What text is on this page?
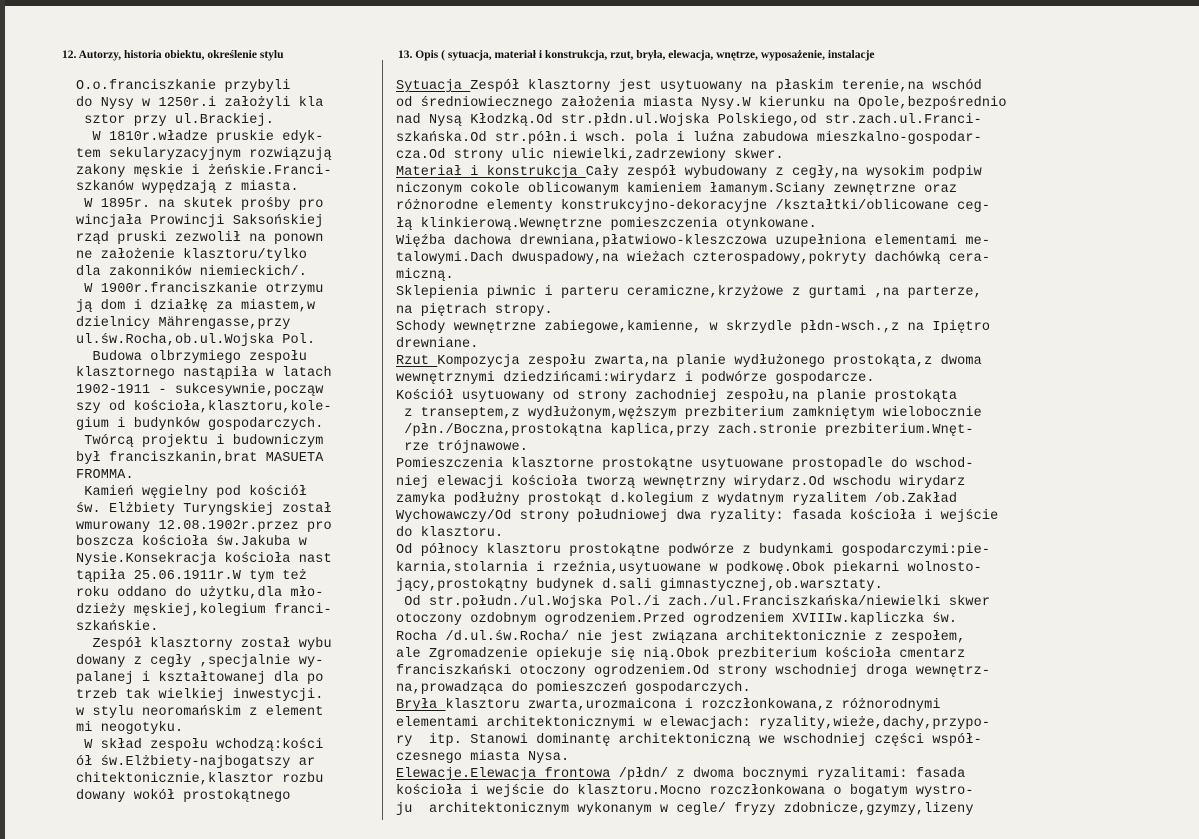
12. Autorzy, historia obiektu, określenie stylu	13. Opis ( sytuacja, materiał i konstrukcja, rzut, bryła, elewacja, wnętrze, wyposażenie, instalacje
O.o.franciszkanie przybyli
do Nysy w 1250r.i założyli kla
sztor przy ul.Brackiej.
W 1810r.władze pruskie edyk-
tem sekularyzacyjnym rozwiązują
zakony męskie i żeńskie.Franci-
szkanów wypędzają z miasta.
W 1895r. na skutek prośby pro
wincjała Prowincji Saksońskiej
rząd pruski zezwolił na ponown
ne założenie klasztoru/tylko
dla zakonników niemieckich/.
W 1900r.franciszkanie otrzymu
ją dom i działkę za miastem,w
dzielnicy Mährengasse,przy
ul.św.Rocha,ob.ul.Wojska Pol.
Budowa olbrzymiego zespołu
klasztornego nastąpiła w latach
1902-1911 - sukcesywnie,począw
szy od kościoła,klasztoru,kole-
gium i budynków gospodarczych.
Twórcą projektu i budowniczym
był franciszkanin,brat MASUETA
FROMMA.
Kamień węgielny pod kościół
św. Elżbiety Turyngskiej został
wmurowany 12.08.1902r.przez pro
boszcza kościoła św.Jakuba w
Nysie.Konsekracja kościoła nast
tąpiła 25.06.1911r.W tym też
roku oddano do użytku,dla mło-
dzieży męskiej,kolegium franci-
szkańskie.
Zespół klasztorny został wybu
dowany z cegły ,specjalnie wy-
palanej i kształtowanej dla po
trzeb tak wielkiej inwestycji.
w stylu neoromańskim z element
mi neogotyku.
W skład zespołu wchodzą:kości
ół św.Elżbiety-najbogatszy ar
chitektonicznie,klasztor rozbu
dowany wokół prostokątnego
Sytuacja Zespół klasztorny jest usytuowany na płaskim terenie,na wschód
od średniowiecznego założenia miasta Nysy.W kierunku na Opole,bezpośrednio
nad Nysą Kłodzką.Od str.płdn.ul.Wojska Polskiego,od str.zach.ul.Franci-
szkańska.Od str.półn.i wsch. pola i luźna zabudowa mieszkalno-gospodar-
cza.Od strony ulic niewielki,zadrzewiony skwer.
Materiał i konstrukcja Cały zespół wybudowany z cegły,na wysokim podpiw
niczonym cokole oblicowanym kamieniem łamanym.Sciany zewnętrzne oraz
różnorodne elementy konstrukcyjno-dekoracyjne /kształtki/oblicowane ceg-
łą klinkierową.Wewnętrzne pomieszczenia otynkowane.
Więźba dachowa drewniana,płatwiowo-kleszczowa uzupełniona elementami me-
talowymi.Dach dwuspadowy,na wieżach czterospadowy,pokryty dachówką cera-
miczną.
Sklepienia piwnic i parteru ceramiczne,krzyżowe z gurtami ,na parterze,
na piętrach stropy.
Schody wewnętrzne zabiegowe,kamienne, w skrzydle płdn-wsch.,z na Ipiętro
drewniane.
Rzut Kompozycja zespołu zwarta,na planie wydłużonego prostokąta,z dwoma
wewnętrznymi dziedzińcami:wirydarz i podwórze gospodarcze.
Kościół usytuowany od strony zachodniej zespołu,na planie prostokąta
z transeptem,z wydłużonym,węższym prezbiterium zamkniętym wielobocznie
/płn./Boczna,prostokątna kaplica,przy zach.stronie prezbiterium.Wnęt-
rze trójnawowe.
Pomieszczenia klasztorne prostokątne usytuowane prostopadle do wschod-
niej elewacji kościoła tworzą wewnętrzny wirydarz.Od wschodu wirydarz
zamyka podłużny prostokąt d.kolegium z wydatnym ryzalitem /ob.Zakład
Wychowawczy/Od strony południowej dwa ryzality: fasada kościoła i wejście
do klasztoru.
Od północy klasztoru prostokątne podwórze z budynkami gospodarczymi:pie-
karnia,stolarnia i rzeźnia,usytuowane w podkowę.Obok piekarni wolnosto-
jący,prostokątny budynek d.sali gimnastycznej,ob.warsztaty.
Od str.połudn./ul.Wojska Pol./i zach./ul.Franciszkańska/niewielki skwer
otoczony ozdobnym ogrodzeniem.Przed ogrodzeniem XVIIIw.kapliczka św.
Rocha /d.ul.św.Rocha/ nie jest związana architektonicznie z zespołem,
ale Zgromadzenie opiekuje się nią.Obok prezbiterium kościoła cmentarz
franciszkański otoczony ogrodzeniem.Od strony wschodniej droga wewnętrz-
na,prowadząca do pomieszczeń gospodarczych.
Bryła klasztoru zwarta,urozmaicona i rozczłonkowana,z różnorodnymi
elementami architektonicznymi w elewacjach: ryzality,wieże,dachy,przypo-
ry  itp. Stanowi dominantę architektoniczną we wschodniej części współ-
czesnego miasta Nysa.
Elewacje.Elewacja frontowa /płdn/ z dwoma bocznymi ryzalitami: fasada
kościoła i wejście do klasztoru.Mocno rozczłonkowana o bogatym wystro-
ju  architektonicznym wykonanym w cegle/ fryzy zdobnicze,gzymzy,lizeny
